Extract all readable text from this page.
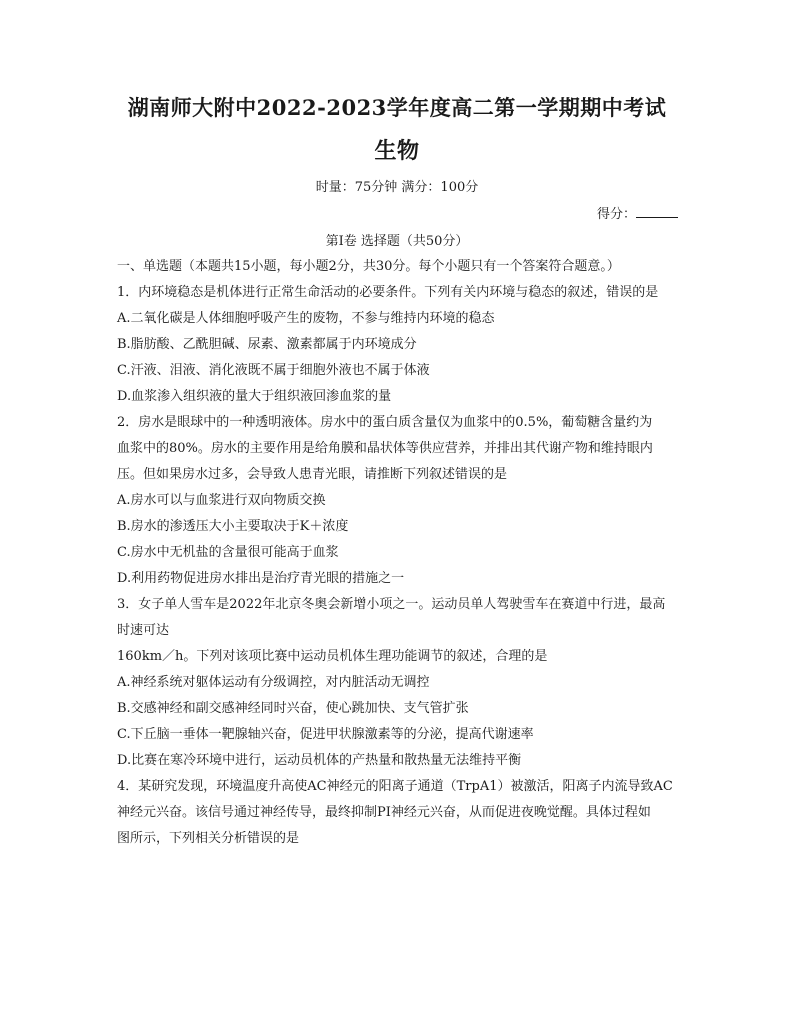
湖南师大附中2022-2023学年度高二第一学期期中考试
生物
时量：75分钟 满分：100分
得分：
第Ⅰ卷 选择题（共50分）
一、单选题（本题共15小题，每小题2分，共30分。每个小题只有一个答案符合题意。）
1．内环境稳态是机体进行正常生命活动的必要条件。下列有关内环境与稳态的叙述，错误的是
A.二氧化碳是人体细胞呼吸产生的废物，不参与维持内环境的稳态
B.脂肪酸、乙酰胆碱、尿素、激素都属于内环境成分
C.汗液、泪液、消化液既不属于细胞外液也不属于体液
D.血浆渗入组织液的量大于组织液回渗血浆的量
2．房水是眼球中的一种透明液体。房水中的蛋白质含量仅为血浆中的0.5%，葡萄糖含量约为
血浆中的80%。房水的主要作用是给角膜和晶状体等供应营养，并排出其代谢产物和维持眼内
压。但如果房水过多，会导致人患青光眼，请推断下列叙述错误的是
A.房水可以与血浆进行双向物质交换
B.房水的渗透压大小主要取决于K＋浓度
C.房水中无机盐的含量很可能高于血浆
D.利用药物促进房水排出是治疗青光眼的措施之一
3．女子单人雪车是2022年北京冬奥会新增小项之一。运动员单人驾驶雪车在赛道中行进，最高
时速可达
160km／h。下列对该项比赛中运动员机体生理功能调节的叙述，合理的是
A.神经系统对躯体运动有分级调控，对内脏活动无调控
B.交感神经和副交感神经同时兴奋，使心跳加快、支气管扩张
C.下丘脑一垂体一靶腺轴兴奋，促进甲状腺激素等的分泌，提高代谢速率
D.比赛在寒冷环境中进行，运动员机体的产热量和散热量无法维持平衡
4．某研究发现，环境温度升高使AC神经元的阳离子通道（TrpA1）被激活，阳离子内流导致AC
神经元兴奋。该信号通过神经传导，最终抑制PI神经元兴奋，从而促进夜晚觉醒。具体过程如
图所示，下列相关分析错误的是
